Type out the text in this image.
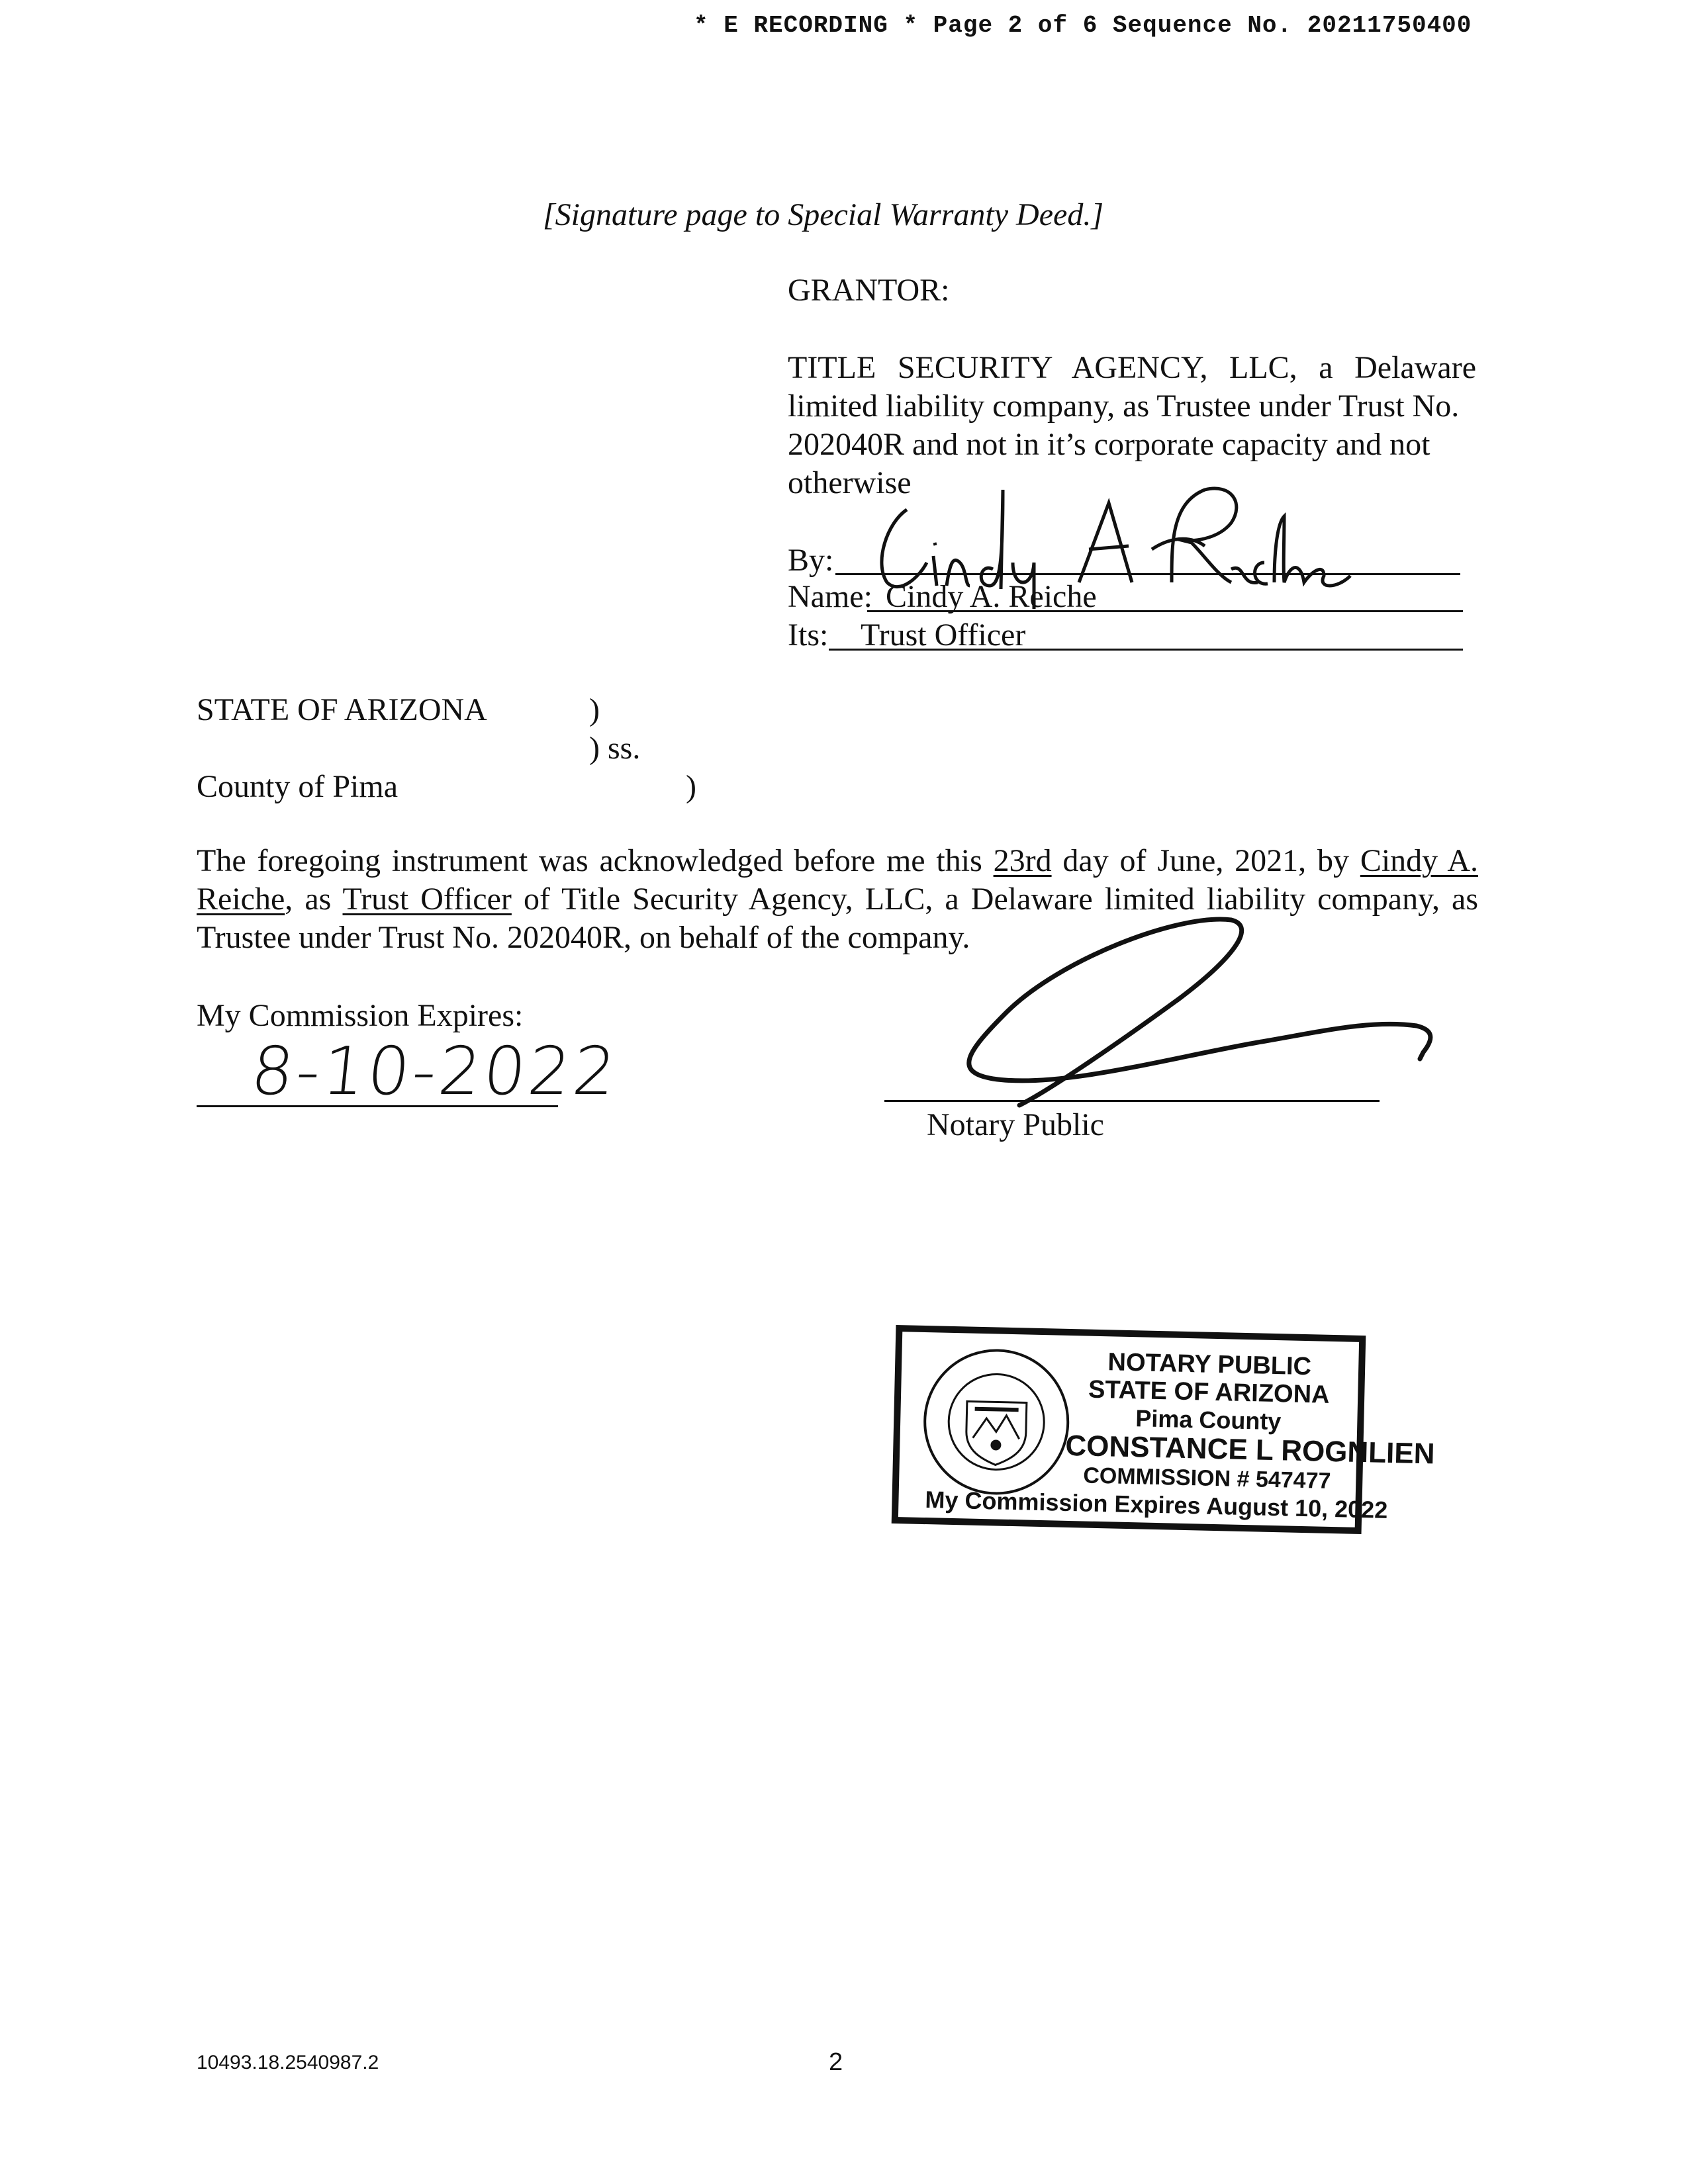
* E RECORDING * Page 2 of 6 Sequence No. 20211750400
[Signature page to Special Warranty Deed.]
GRANTOR:
TITLE SECURITY AGENCY, LLC, a Delaware
limited liability company, as Trustee under Trust No.
202040R and not in it’s corporate capacity and not
otherwise
By:
Name: Cindy A. Reiche
Its: Trust Officer
STATE OF ARIZONA	)
) ss.
County of Pima	)
The foregoing instrument was acknowledged before me this 23rd day of June, 2021, by Cindy A. Reiche, as Trust Officer of Title Security Agency, LLC, a Delaware limited liability company, as Trustee under Trust No. 202040R, on behalf of the company.
My Commission Expires:
8-10-2022
Notary Public
NOTARY PUBLIC
STATE OF ARIZONA
Pima County
CONSTANCE L ROGNLIEN
COMMISSION # 547477
My Commission Expires August 10, 2022
10493.18.2540987.2	2
